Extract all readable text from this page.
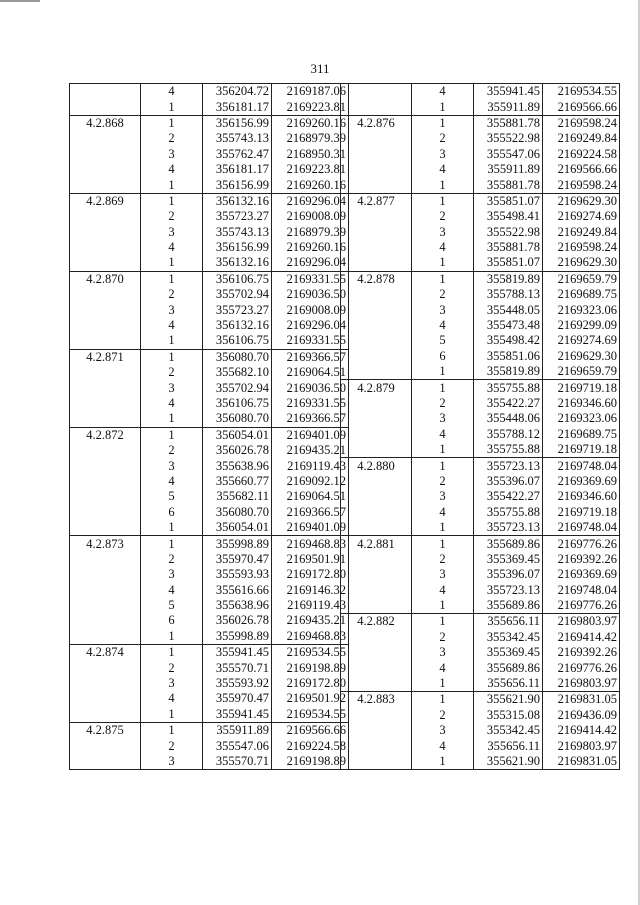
311
	4	356204.72	2169187.06
	1	356181.17	2169223.81
4.2.868	1	356156.99	2169260.16
	2	355743.13	2168979.39
	3	355762.47	2168950.31
	4	356181.17	2169223.81
	1	356156.99	2169260.16
4.2.869	1	356132.16	2169296.04
	2	355723.27	2169008.09
	3	355743.13	2168979.39
	4	356156.99	2169260.16
	1	356132.16	2169296.04
4.2.870	1	356106.75	2169331.55
	2	355702.94	2169036.50
	3	355723.27	2169008.09
	4	356132.16	2169296.04
	1	356106.75	2169331.55
4.2.871	1	356080.70	2169366.57
	2	355682.10	2169064.51
	3	355702.94	2169036.50
	4	356106.75	2169331.55
	1	356080.70	2169366.57
4.2.872	1	356054.01	2169401.09
	2	356026.78	2169435.21
	3	355638.96	2169119.43
	4	355660.77	2169092.12
	5	355682.11	2169064.51
	6	356080.70	2169366.57
	1	356054.01	2169401.09
4.2.873	1	355998.89	2169468.83
	2	355970.47	2169501.91
	3	355593.93	2169172.80
	4	355616.66	2169146.32
	5	355638.96	2169119.43
	6	356026.78	2169435.21
	1	355998.89	2169468.83
4.2.874	1	355941.45	2169534.55
	2	355570.71	2169198.89
	3	355593.92	2169172.80
	4	355970.47	2169501.92
	1	355941.45	2169534.55
4.2.875	1	355911.89	2169566.66
	2	355547.06	2169224.58
	3	355570.71	2169198.89
	4	355941.45	2169534.55
	1	355911.89	2169566.66
4.2.876	1	355881.78	2169598.24
	2	355522.98	2169249.84
	3	355547.06	2169224.58
	4	355911.89	2169566.66
	1	355881.78	2169598.24
4.2.877	1	355851.07	2169629.30
	2	355498.41	2169274.69
	3	355522.98	2169249.84
	4	355881.78	2169598.24
	1	355851.07	2169629.30
4.2.878	1	355819.89	2169659.79
	2	355788.13	2169689.75
	3	355448.05	2169323.06
	4	355473.48	2169299.09
	5	355498.42	2169274.69
	6	355851.06	2169629.30
	1	355819.89	2169659.79
4.2.879	1	355755.88	2169719.18
	2	355422.27	2169346.60
	3	355448.06	2169323.06
	4	355788.12	2169689.75
	1	355755.88	2169719.18
4.2.880	1	355723.13	2169748.04
	2	355396.07	2169369.69
	3	355422.27	2169346.60
	4	355755.88	2169719.18
	1	355723.13	2169748.04
4.2.881	1	355689.86	2169776.26
	2	355369.45	2169392.26
	3	355396.07	2169369.69
	4	355723.13	2169748.04
	1	355689.86	2169776.26
4.2.882	1	355656.11	2169803.97
	2	355342.45	2169414.42
	3	355369.45	2169392.26
	4	355689.86	2169776.26
	1	355656.11	2169803.97
4.2.883	1	355621.90	2169831.05
	2	355315.08	2169436.09
	3	355342.45	2169414.42
	4	355656.11	2169803.97
	1	355621.90	2169831.05
